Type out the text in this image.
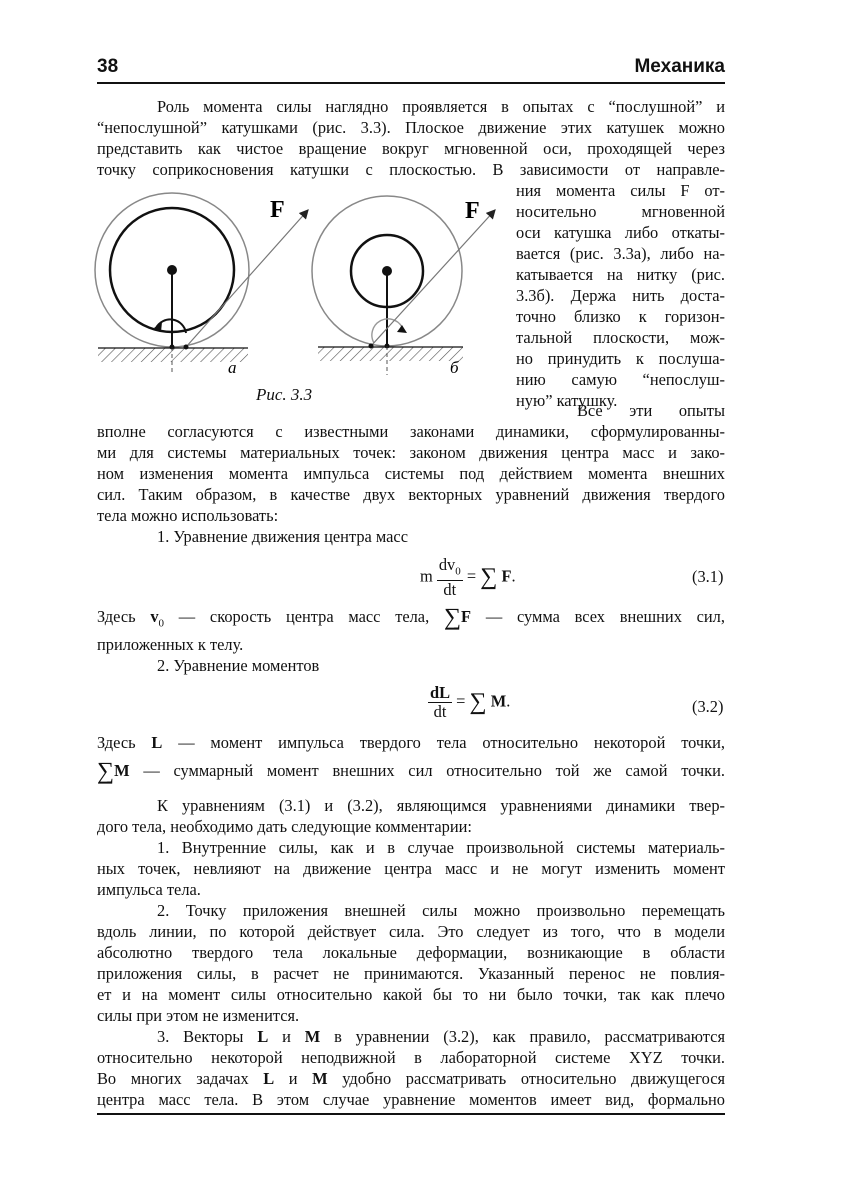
38	Механика

Роль момента силы наглядно проявляется в опытах с “послушной” и

“непослушной” катушками (рис. 3.3). Плоское движение этих катушек можно

представить как чистое вращение вокруг мгновенной оси, проходящей через

точку соприкосновения катушки с плоскостью. В зависимости от направле-

ния момента силы F от-

носительно мгновенной

оси катушка либо откаты-

вается (рис. 3.3а), либо на-

катывается на нитку (рис.

3.3б). Держа нить доста-

точно близко к горизон-

тальной плоскости, мож-

но принудить к послуша-

нию самую “непослуш-

ную” катушку.

F
а
F
б
Рис. 3.3

Все эти опыты

вполне согласуются с известными законами динамики, сформулированны-

ми для системы материальных точек: законом движения центра масс и зако-

ном изменения момента импульса системы под действием момента внешних

сил. Таким образом, в качестве двух векторных уравнений движения твердого

тела можно использовать:

1. Уравнение движения центра масс

m $\frac{dv_0}{dt}$ = ∑ F.	(3.1)

Здесь $v_0$ — скорость центра масс тела, ∑F — сумма всех внешних сил,

приложенных к телу.

2. Уравнение моментов

$\frac{dL}{dt}$ = ∑ M.	(3.2)

Здесь L — момент импульса твердого тела относительно некоторой точки,

∑M — суммарный момент внешних сил относительно той же самой точки.

К уравнениям (3.1) и (3.2), являющимся уравнениями динамики твер-

дого тела, необходимо дать следующие комментарии:

1. Внутренние силы, как и в случае произвольной системы материаль-

ных точек, невлияют на движение центра масс и не могут изменить момент

импульса тела.

2. Точку приложения внешней силы можно произвольно перемещать

вдоль линии, по которой действует сила. Это следует из того, что в модели

абсолютно твердого тела локальные деформации, возникающие в области

приложения силы, в расчет не принимаются. Указанный перенос не повлия-

ет и на момент силы относительно какой бы то ни было точки, так как плечо

силы при этом не изменится.

3. Векторы L и M в уравнении (3.2), как правило, рассматриваются

относительно некоторой неподвижной в лабораторной системе XYZ точки.

Во многих задачах L и M удобно рассматривать относительно движущегося

центра масс тела. В этом случае уравнение моментов имеет вид, формально
